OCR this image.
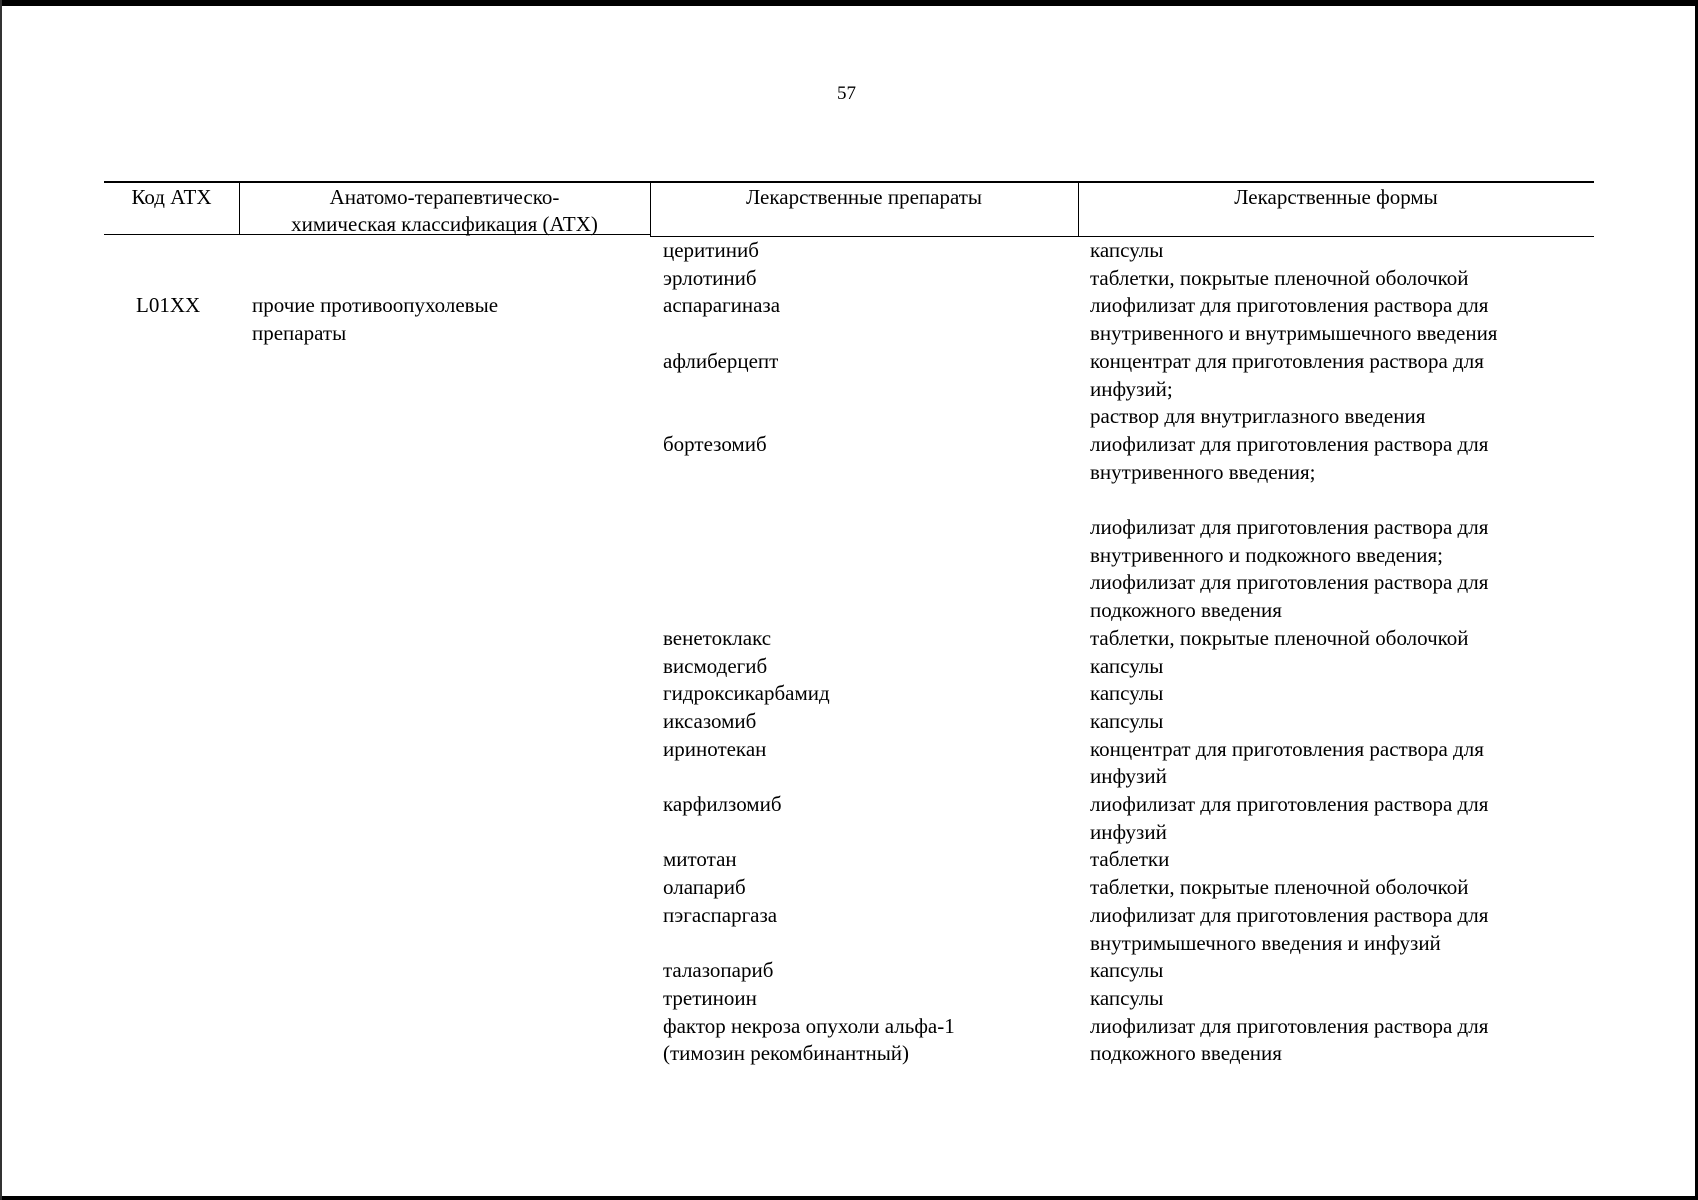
57
Код АТХ	Анатомо-терапевтическо-
химическая классификация (АТХ)
Лекарственные препараты	Лекарственные формы
L01XX прочие противоопухолевые
препараты
церитиниб
эрлотиниб
аспарагиназа

афлиберцепт

бортезомиб

венетоклакс
висмодегиб
гидроксикарбамид
иксазомиб
иринотекан

карфилзомиб

митотан
олапариб
пэгаспаргаза

талазопариб
третиноин
фактор некроза опухоли альфа-1
(тимозин рекомбинантный)
капсулы
таблетки, покрытые пленочной оболочкой
лиофилизат для приготовления раствора для
внутривенного и внутримышечного введения
концентрат для приготовления раствора для
инфузий;
раствор для внутриглазного введения
лиофилизат для приготовления раствора для
внутривенного введения;

лиофилизат для приготовления раствора для
внутривенного и подкожного введения;
лиофилизат для приготовления раствора для
подкожного введения
таблетки, покрытые пленочной оболочкой
капсулы
капсулы
капсулы
концентрат для приготовления раствора для
инфузий
лиофилизат для приготовления раствора для
инфузий
таблетки
таблетки, покрытые пленочной оболочкой
лиофилизат для приготовления раствора для
внутримышечного введения и инфузий
капсулы
капсулы
лиофилизат для приготовления раствора для
подкожного введения
